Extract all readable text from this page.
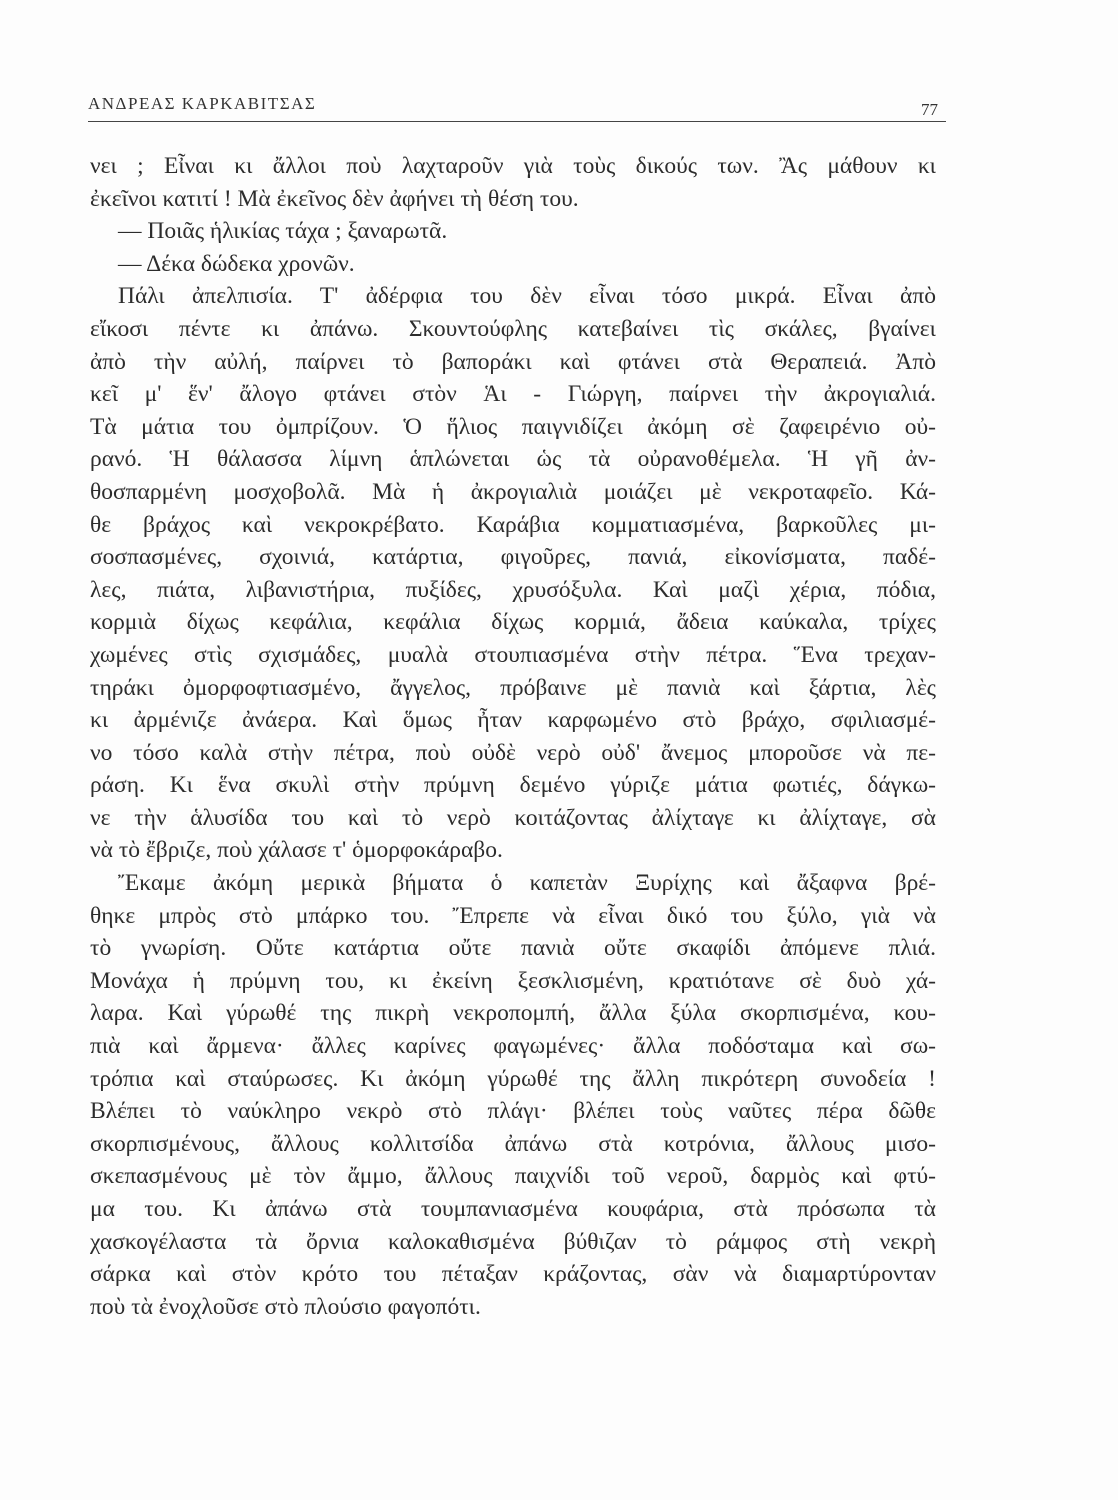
ΑΝΔΡΕΑΣ ΚΑΡΚΑΒΙΤΣΑΣ	77
νει ; Εἶναι κι ἄλλοι ποὺ λαχταροῦν γιὰ τοὺς δικούς των. Ἂς μάθουν κι
ἐκεῖνοι κατιτί ! Μὰ ἐκεῖνος δὲν ἀφήνει τὴ θέση του.
— Ποιᾶς ἡλικίας τάχα ; ξαναρωτᾶ.
— Δέκα δώδεκα χρονῶν.
Πάλι ἀπελπισία. Τ' ἀδέρφια του δὲν εἶναι τόσο μικρά. Εἶναι ἀπὸ
εἴκοσι πέντε κι ἀπάνω. Σκουντούφλης κατεβαίνει τὶς σκάλες, βγαίνει
ἀπὸ τὴν αὐλή, παίρνει τὸ βαποράκι καὶ φτάνει στὰ Θεραπειά. Ἀπὸ
κεῖ μ' ἕν' ἄλογο φτάνει στὸν Ἁι - Γιώργη, παίρνει τὴν ἀκρογιαλιά.
Τὰ μάτια του ὀμπρίζουν. Ὁ ἥλιος παιγνιδίζει ἀκόμη σὲ ζαφειρένιο οὐ-
ρανό. Ἡ θάλασσα λίμνη ἁπλώνεται ὡς τὰ οὐρανοθέμελα. Ἡ γῆ ἀν-
θοσπαρμένη μοσχοβολᾶ. Μὰ ἡ ἀκρογιαλιὰ μοιάζει μὲ νεκροταφεῖο. Κά-
θε βράχος καὶ νεκροκρέβατο. Καράβια κομματιασμένα, βαρκοῦλες μι-
σοσπασμένες, σχοινιά, κατάρτια, φιγοῦρες, πανιά, εἰκονίσματα, παδέ-
λες, πιάτα, λιβανιστήρια, πυξίδες, χρυσόξυλα. Καὶ μαζὶ χέρια, πόδια,
κορμιὰ δίχως κεφάλια, κεφάλια δίχως κορμιά, ἄδεια καύκαλα, τρίχες
χωμένες στὶς σχισμάδες, μυαλὰ στουπιασμένα στὴν πέτρα. Ἕνα τρεχαν-
τηράκι ὀμορφοφτιασμένο, ἄγγελος, πρόβαινε μὲ πανιὰ καὶ ξάρτια, λὲς
κι ἀρμένιζε ἀνάερα. Καὶ ὅμως ἦταν καρφωμένο στὸ βράχο, σφιλιασμέ-
νο τόσο καλὰ στὴν πέτρα, ποὺ οὐδὲ νερὸ οὐδ' ἄνεμος μποροῦσε νὰ πε-
ράση. Κι ἕνα σκυλὶ στὴν πρύμνη δεμένο γύριζε μάτια φωτιές, δάγκω-
νε τὴν ἁλυσίδα του καὶ τὸ νερὸ κοιτάζοντας ἀλίχταγε κι ἀλίχταγε, σὰ
νὰ τὸ ἔβριζε, ποὺ χάλασε τ' ὁμορφοκάραβο.
Ἔκαμε ἀκόμη μερικὰ βήματα ὁ καπετὰν Ξυρίχης καὶ ἄξαφνα βρέ-
θηκε μπρὸς στὸ μπάρκο του. Ἔπρεπε νὰ εἶναι δικό του ξύλο, γιὰ νὰ
τὸ γνωρίση. Οὔτε κατάρτια οὔτε πανιὰ οὔτε σκαφίδι ἀπόμενε πλιά.
Μονάχα ἡ πρύμνη του, κι ἐκείνη ξεσκλισμένη, κρατιότανε σὲ δυὸ χά-
λαρα. Καὶ γύρωθέ της πικρὴ νεκροπομπή, ἄλλα ξύλα σκορπισμένα, κου-
πιὰ καὶ ἄρμενα· ἄλλες καρίνες φαγωμένες· ἄλλα ποδόσταμα καὶ σω-
τρόπια καὶ σταύρωσες. Κι ἀκόμη γύρωθέ της ἄλλη πικρότερη συνοδεία !
Βλέπει τὸ ναύκληρο νεκρὸ στὸ πλάγι· βλέπει τοὺς ναῦτες πέρα δῶθε
σκορπισμένους, ἄλλους κολλιτσίδα ἀπάνω στὰ κοτρόνια, ἄλλους μισο-
σκεπασμένους μὲ τὸν ἄμμο, ἄλλους παιχνίδι τοῦ νεροῦ, δαρμὸς καὶ φτύ-
μα του. Κι ἀπάνω στὰ τουμπανιασμένα κουφάρια, στὰ πρόσωπα τὰ
χασκογέλαστα τὰ ὄρνια καλοκαθισμένα βύθιζαν τὸ ράμφος στὴ νεκρὴ
σάρκα καὶ στὸν κρότο του πέταξαν κράζοντας, σὰν νὰ διαμαρτύρονταν
ποὺ τὰ ἐνοχλοῦσε στὸ πλούσιο φαγοπότι.
